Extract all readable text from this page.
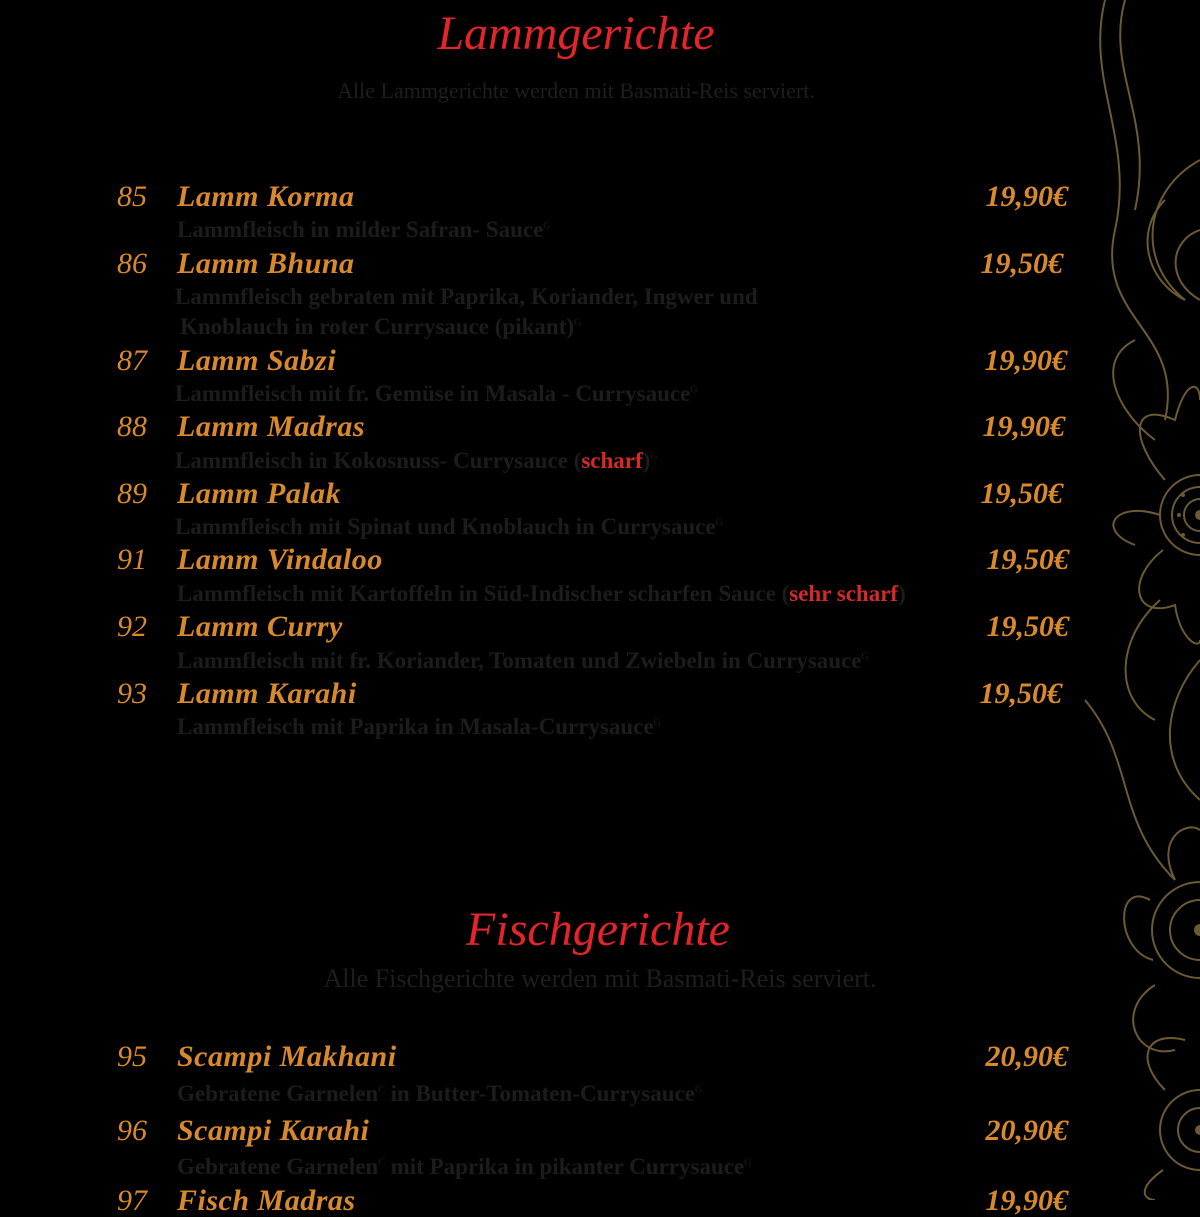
Lammgerichte

Alle Lammgerichte werden mit Basmati-Reis serviert.

85 Lamm Korma	19,90€
Lammfleisch in milder Safran- Sauce$^G$
86 Lamm Bhuna	19,50€
Lammfleisch gebraten mit Paprika, Koriander, Ingwer und
Knoblauch in roter Currysauce (pikant)$^G$
87 Lamm Sabzi	19,90€
Lammfleisch mit fr. Gemüse in Masala - Currysauce$^G$
88 Lamm Madras	19,90€
Lammfleisch in Kokosnuss- Currysauce (scharf)$^G$
89 Lamm Palak	19,50€
Lammfleisch mit Spinat und Knoblauch in Currysauce$^G$
91 Lamm Vindaloo	19,50€
Lammfleisch mit Kartoffeln in Süd-Indischer scharfen Sauce (sehr scharf)
92 Lamm Curry	19,50€
Lammfleisch mit fr. Koriander, Tomaten und Zwiebeln in Currysauce$^G$
93 Lamm Karahi	19,50€
Lammfleisch mit Paprika in Masala-Currysauce$^G$
Fischgerichte

Alle Fischgerichte werden mit Basmati-Reis serviert.

95 Scampi Makhani	20,90€
Gebratene Garnelen$^C$ in Butter-Tomaten-Currysauce$^G$
96 Scampi Karahi	20,90€
Gebratene Garnelen$^C$ mit Paprika in pikanter Currysauce$^G$
97 Fisch Madras	19,90€
